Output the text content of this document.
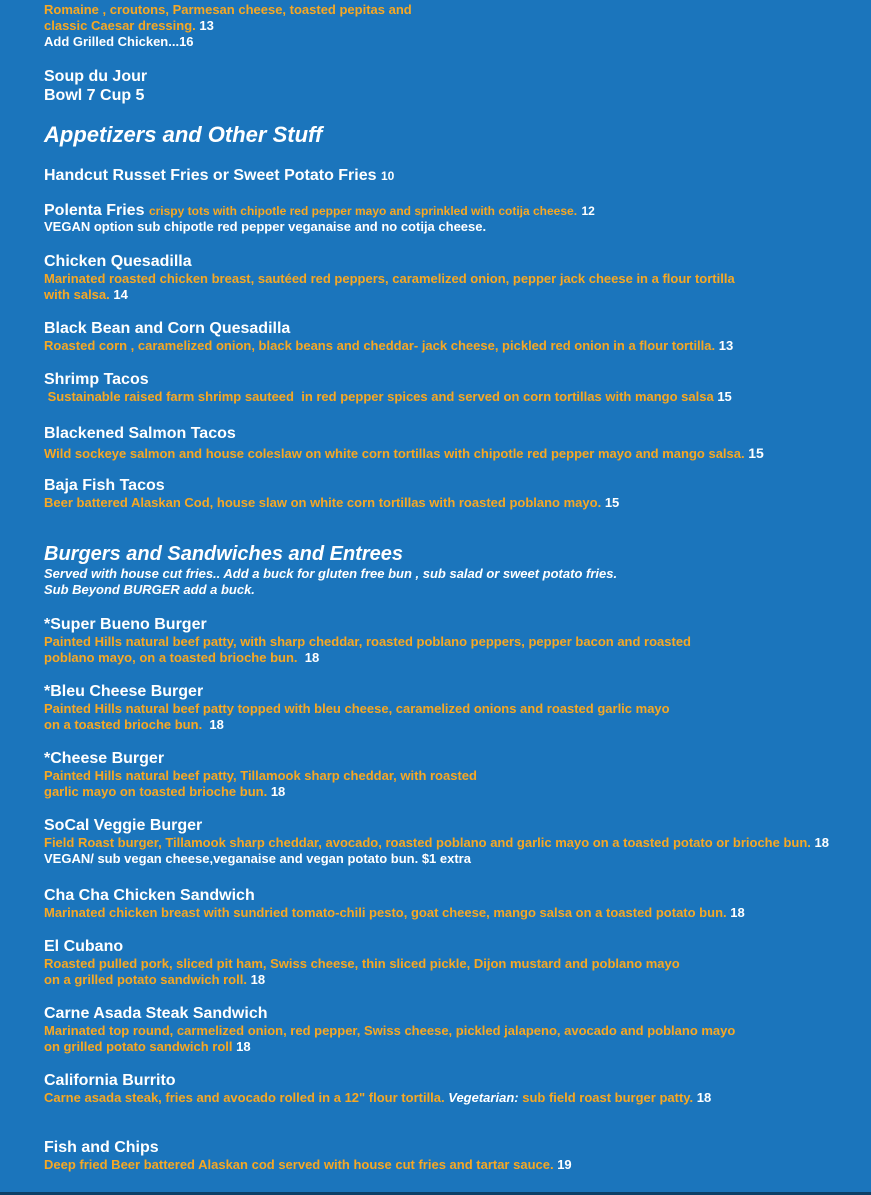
Romaine , croutons, Parmesan cheese, toasted pepitas and
classic Caesar dressing. 13
Add Grilled Chicken...16
Soup du Jour
Bowl 7 Cup 5
Appetizers and Other Stuff
Handcut Russet Fries or Sweet Potato Fries 10
Polenta Fries crispy tots with chipotle red pepper mayo and sprinkled with cotija cheese. 12
VEGAN option sub chipotle red pepper veganaise and no cotija cheese.
Chicken Quesadilla
Marinated roasted chicken breast, sautéed red peppers, caramelized onion, pepper jack cheese in a flour tortilla
with salsa. 14
Black Bean and Corn Quesadilla
Roasted corn , caramelized onion, black beans and cheddar- jack cheese, pickled red onion in a flour tortilla. 13
Shrimp Tacos
Sustainable raised farm shrimp sauteed  in red pepper spices and served on corn tortillas with mango salsa 15
Blackened Salmon Tacos
Wild sockeye salmon and house coleslaw on white corn tortillas with chipotle red pepper mayo and mango salsa. 15
Baja Fish Tacos
Beer battered Alaskan Cod, house slaw on white corn tortillas with roasted poblano mayo. 15
Burgers and Sandwiches and Entrees
Served with house cut fries.. Add a buck for gluten free bun , sub salad or sweet potato fries.
Sub Beyond BURGER add a buck.
*Super Bueno Burger
Painted Hills natural beef patty, with sharp cheddar, roasted poblano peppers, pepper bacon and roasted
poblano mayo, on a toasted brioche bun. 18
*Bleu Cheese Burger
Painted Hills natural beef patty topped with bleu cheese, caramelized onions and roasted garlic mayo
on a toasted brioche bun. 18
*Cheese Burger
Painted Hills natural beef patty, Tillamook sharp cheddar, with roasted
garlic mayo on toasted brioche bun. 18
SoCal Veggie Burger
Field Roast burger, Tillamook sharp cheddar, avocado, roasted poblano and garlic mayo on a toasted potato or brioche bun. 18
VEGAN/ sub vegan cheese,veganaise and vegan potato bun. $1 extra
Cha Cha Chicken Sandwich
Marinated chicken breast with sundried tomato-chili pesto, goat cheese, mango salsa on a toasted potato bun. 18
El Cubano
Roasted pulled pork, sliced pit ham, Swiss cheese, thin sliced pickle, Dijon mustard and poblano mayo
on a grilled potato sandwich roll. 18
Carne Asada Steak Sandwich
Marinated top round, carmelized onion, red pepper, Swiss cheese, pickled jalapeno, avocado and poblano mayo
on grilled potato sandwich roll 18
California Burrito
Carne asada steak, fries and avocado rolled in a 12" flour tortilla. Vegetarian: sub field roast burger patty. 18
Fish and Chips
Deep fried Beer battered Alaskan cod served with house cut fries and tartar sauce. 19
